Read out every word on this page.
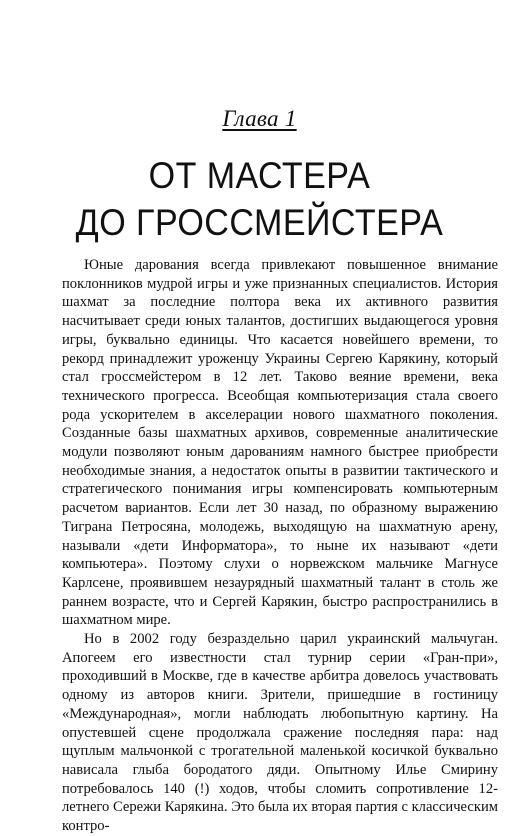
Глава 1
ОТ МАСТЕРА
ДО ГРОССМЕЙСТЕРА

Юные дарования всегда привлекают повышенное внимание поклонников мудрой игры и уже признанных специалистов. История шахмат за последние полтора века их активного развития насчитывает среди юных талантов, достигших выдающегося уровня игры, буквально единицы. Что касается новейшего времени, то рекорд принадлежит уроженцу Украины Сергею Карякину, который стал гроссмейстером в 12 лет. Таково веяние времени, века технического прогресса. Всеобщая компьютеризация стала своего рода ускорителем в акселерации нового шахматного поколения. Созданные базы шахматных архивов, современные аналитические модули позволяют юным дарованиям намного быстрее приобрести необходимые знания, а недостаток опыты в развитии тактического и стратегического понимания игры компенсировать компьютерным расчетом вариантов. Если лет 30 назад, по образному выражению Тиграна Петросяна, молодежь, выходящую на шахматную арену, называли «дети Информатора», то ныне их называют «дети компьютера». Поэтому слухи о норвежском мальчике Магнусе Карлсене, проявившем незаурядный шахматный талант в столь же раннем возрасте, что и Сергей Карякин, быстро распространились в шахматном мире.

Но в 2002 году безраздельно царил украинский мальчуган. Апогеем его известности стал турнир серии «Гран-при», проходивший в Москве, где в качестве арбитра довелось участвовать одному из авторов книги. Зрители, пришедшие в гостиницу «Международная», могли наблюдать любопытную картину. На опустевшей сцене продолжала сражение последняя пара: над щуплым мальчонкой с трогательной маленькой косичкой буквально нависала глыба бородатого дяди. Опытному Илье Смирину потребовалось 140 (!) ходов, чтобы сломить сопротивление 12-летнего Сережи Карякина. Это была их вторая партия с классическим контро-
